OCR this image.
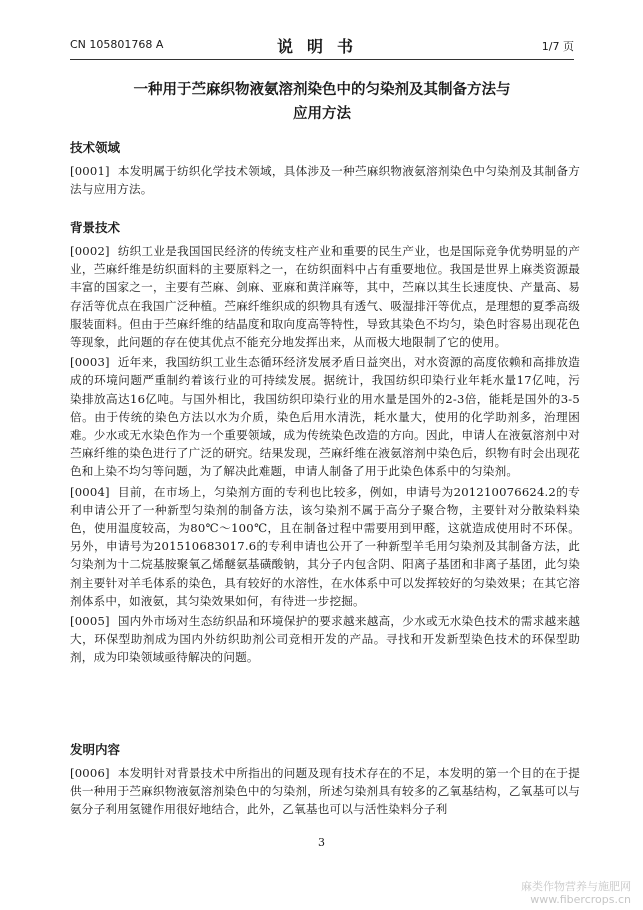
CN 105801768 A	说明书	1/7 页
一种用于苎麻织物液氨溶剂染色中的匀染剂及其制备方法与
应用方法
技术领域

[0001] 本发明属于纺织化学技术领域，具体涉及一种苎麻织物液氨溶剂染色中匀染剂及其制备方法与应用方法。

背景技术

[0002] 纺织工业是我国国民经济的传统支柱产业和重要的民生产业，也是国际竞争优势明显的产业，苎麻纤维是纺织面料的主要原料之一，在纺织面料中占有重要地位。我国是世界上麻类资源最丰富的国家之一，主要有苎麻、剑麻、亚麻和黄洋麻等，其中，苎麻以其生长速度快、产量高、易存活等优点在我国广泛种植。苎麻纤维织成的织物具有透气、吸湿排汗等优点，是理想的夏季高级服装面料。但由于苎麻纤维的结晶度和取向度高等特性，导致其染色不均匀，染色时容易出现花色等现象，此问题的存在使其优点不能充分地发挥出来，从而极大地限制了它的使用。

[0003] 近年来，我国纺织工业生态循环经济发展矛盾日益突出，对水资源的高度依赖和高排放造成的环境问题严重制约着该行业的可持续发展。据统计，我国纺织印染行业年耗水量17亿吨，污染排放高达16亿吨。与国外相比，我国纺织印染行业的用水量是国外的2-3倍，能耗是国外的3-5倍。由于传统的染色方法以水为介质，染色后用水清洗，耗水量大，使用的化学助剂多，治理困难。少水或无水染色作为一个重要领域，成为传统染色改造的方向。因此，申请人在液氨溶剂中对苎麻纤维的染色进行了广泛的研究。结果发现，苎麻纤维在液氨溶剂中染色后，织物有时会出现花色和上染不均匀等问题，为了解决此难题，申请人制备了用于此染色体系中的匀染剂。

[0004] 目前，在市场上，匀染剂方面的专利也比较多，例如，申请号为201210076624.2的专利申请公开了一种新型匀染剂的制备方法，该匀染剂不属于高分子聚合物，主要针对分散染料染色，使用温度较高，为80℃～100℃，且在制备过程中需要用到甲醛，这就造成使用时不环保。另外，申请号为201510683017.6的专利申请也公开了一种新型羊毛用匀染剂及其制备方法，此匀染剂为十二烷基胺聚氧乙烯醚氨基磺酸钠，其分子内包含阴、阳离子基团和非离子基团，此匀染剂主要针对羊毛体系的染色，具有较好的水溶性，在水体系中可以发挥较好的匀染效果；在其它溶剂体系中，如液氨，其匀染效果如何，有待进一步挖掘。

[0005] 国内外市场对生态纺织品和环境保护的要求越来越高，少水或无水染色技术的需求越来越大，环保型助剂成为国内外纺织助剂公司竞相开发的产品。寻找和开发新型染色技术的环保型助剂，成为印染领域亟待解决的问题。

发明内容

[0006] 本发明针对背景技术中所指出的问题及现有技术存在的不足，本发明的第一个目的在于提供一种用于苎麻织物液氨溶剂染色中的匀染剂，所述匀染剂具有较多的乙氧基结构，乙氧基可以与氨分子利用氢键作用很好地结合，此外，乙氧基也可以与活性染料分子利

3
麻类作物营养与施肥网
www.fibercrops.cn
